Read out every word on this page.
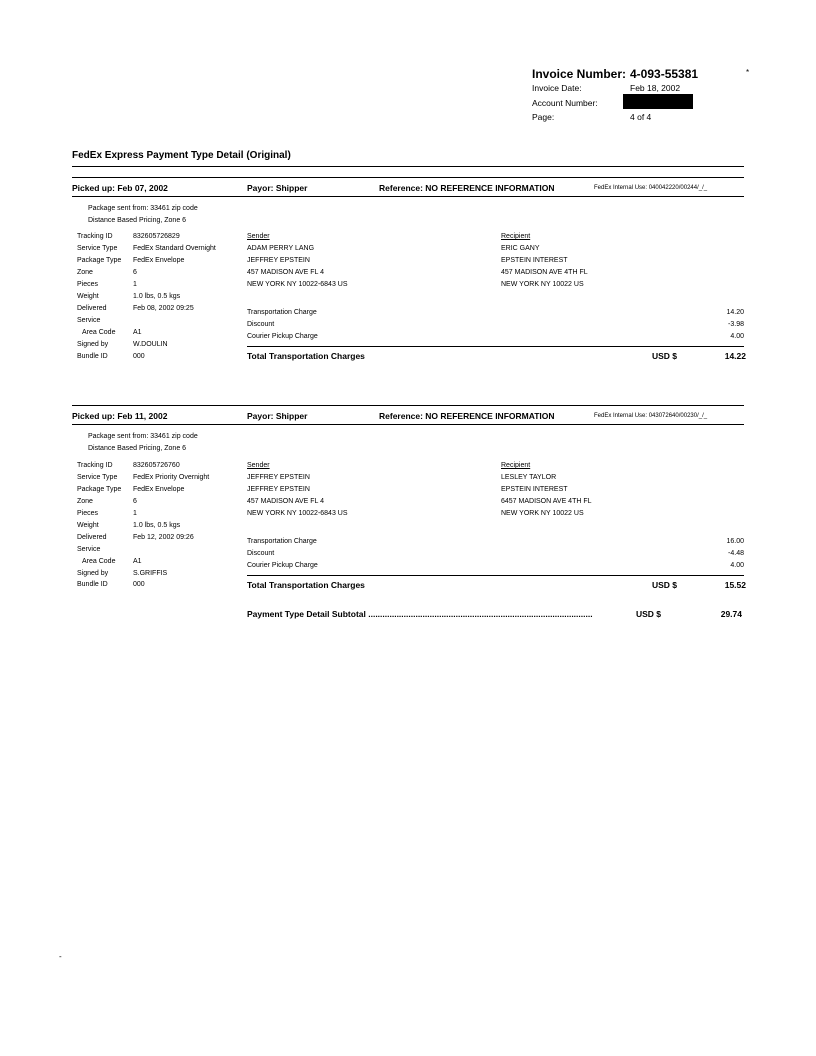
Invoice Number: 4-093-55381	*
Invoice Date:	Feb 18, 2002
Account Number:
Page:	4 of 4
FedEx Express Payment Type Detail (Original)
Picked up: Feb 07, 2002	Payor: Shipper	Reference: NO REFERENCE INFORMATION	FedEx Internal Use: 040042220/00244/_/_
Package sent from: 33461 zip code
Distance Based Pricing, Zone 6
Tracking ID	832605726829
Service Type FedEx Standard Overnight
Package Type FedEx Envelope
Zone	6
Pieces	1
Weight	1.0 lbs, 0.5 kgs
Delivered	Feb 08, 2002 09:25
Service
Area Code	A1
Signed by	W.DOULIN
Bundle ID	000
Sender
ADAM PERRY LANG
JEFFREY EPSTEIN
457 MADISON AVE FL 4
NEW YORK NY 10022-6843 US
Recipient
ERIC GANY
EPSTEIN INTEREST
457 MADISON AVE 4TH FL
NEW YORK NY 10022 US
Transportation Charge	14.20
Discount	-3.98
Courier Pickup Charge	4.00
Total Transportation Charges	USD $	14.22
Picked up: Feb 11, 2002	Payor: Shipper	Reference: NO REFERENCE INFORMATION	FedEx Internal Use: 043072640/00230/_/_
Package sent from: 33461 zip code
Distance Based Pricing, Zone 6
Tracking ID	832605726760
Service Type FedEx Priority Overnight
Package Type FedEx Envelope
Zone	6
Pieces	1
Weight	1.0 lbs, 0.5 kgs
Delivered	Feb 12, 2002 09:26
Service
Area Code	A1
Signed by	S.GRIFFIS
Bundle ID	000
Sender
JEFFREY EPSTEIN
JEFFREY EPSTEIN
457 MADISON AVE FL 4
NEW YORK NY 10022-6843 US
Recipient
LESLEY TAYLOR
EPSTEIN INTEREST
6457 MADISON AVE 4TH FL
NEW YORK NY 10022 US
Transportation Charge	16.00
Discount	-4.48
Courier Pickup Charge	4.00
Total Transportation Charges	USD $	15.52
Payment Type Detail Subtotal ...............................................................................................	USD $	29.74
-
